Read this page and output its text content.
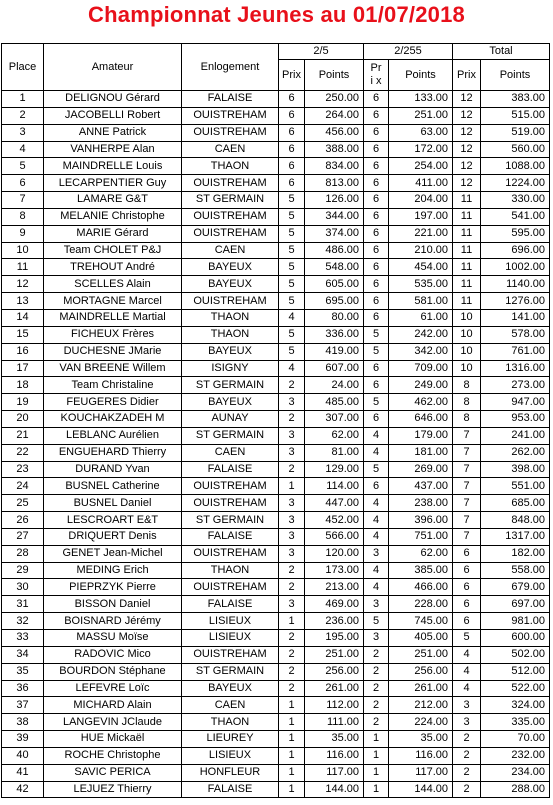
Championnat Jeunes au 01/07/2018
Place	Amateur	Enlogement	2/5		2/255		Total	
			Prix	Points	Pri x	Points	Prix	Points
1	DELIGNOU Gérard	FALAISE	6	250.00	6	133.00	12	383.00
2	JACOBELLI Robert	OUISTREHAM	6	264.00	6	251.00	12	515.00
3	ANNE Patrick	OUISTREHAM	6	456.00	6	63.00	12	519.00
4	VANHERPE Alan	CAEN	6	388.00	6	172.00	12	560.00
5	MAINDRELLE Louis	THAON	6	834.00	6	254.00	12	1088.00
6	LECARPENTIER Guy	OUISTREHAM	6	813.00	6	411.00	12	1224.00
7	LAMARE G&T	ST GERMAIN	5	126.00	6	204.00	11	330.00
8	MELANIE Christophe	OUISTREHAM	5	344.00	6	197.00	11	541.00
9	MARIE Gérard	OUISTREHAM	5	374.00	6	221.00	11	595.00
10	Team CHOLET P&J	CAEN	5	486.00	6	210.00	11	696.00
11	TREHOUT André	BAYEUX	5	548.00	6	454.00	11	1002.00
12	SCELLES Alain	BAYEUX	5	605.00	6	535.00	11	1140.00
13	MORTAGNE Marcel	OUISTREHAM	5	695.00	6	581.00	11	1276.00
14	MAINDRELLE Martial	THAON	4	80.00	6	61.00	10	141.00
15	FICHEUX Frères	THAON	5	336.00	5	242.00	10	578.00
16	DUCHESNE JMarie	BAYEUX	5	419.00	5	342.00	10	761.00
17	VAN BREENE Willem	ISIGNY	4	607.00	6	709.00	10	1316.00
18	Team Christaline	ST GERMAIN	2	24.00	6	249.00	8	273.00
19	FEUGERES Didier	BAYEUX	3	485.00	5	462.00	8	947.00
20	KOUCHAKZADEH M	AUNAY	2	307.00	6	646.00	8	953.00
21	LEBLANC Aurélien	ST GERMAIN	3	62.00	4	179.00	7	241.00
22	ENGUEHARD Thierry	CAEN	3	81.00	4	181.00	7	262.00
23	DURAND Yvan	FALAISE	2	129.00	5	269.00	7	398.00
24	BUSNEL Catherine	OUISTREHAM	1	114.00	6	437.00	7	551.00
25	BUSNEL Daniel	OUISTREHAM	3	447.00	4	238.00	7	685.00
26	LESCROART E&T	ST GERMAIN	3	452.00	4	396.00	7	848.00
27	DRIQUERT Denis	FALAISE	3	566.00	4	751.00	7	1317.00
28	GENET Jean-Michel	OUISTREHAM	3	120.00	3	62.00	6	182.00
29	MEDING Erich	THAON	2	173.00	4	385.00	6	558.00
30	PIEPRZYK Pierre	OUISTREHAM	2	213.00	4	466.00	6	679.00
31	BISSON Daniel	FALAISE	3	469.00	3	228.00	6	697.00
32	BOISNARD Jérémy	LISIEUX	1	236.00	5	745.00	6	981.00
33	MASSU Moïse	LISIEUX	2	195.00	3	405.00	5	600.00
34	RADOVIC Mico	OUISTREHAM	2	251.00	2	251.00	4	502.00
35	BOURDON Stéphane	ST GERMAIN	2	256.00	2	256.00	4	512.00
36	LEFEVRE Loïc	BAYEUX	2	261.00	2	261.00	4	522.00
37	MICHARD Alain	CAEN	1	112.00	2	212.00	3	324.00
38	LANGEVIN JClaude	THAON	1	111.00	2	224.00	3	335.00
39	HUE Mickaël	LIEUREY	1	35.00	1	35.00	2	70.00
40	ROCHE Christophe	LISIEUX	1	116.00	1	116.00	2	232.00
41	SAVIC PERICA	HONFLEUR	1	117.00	1	117.00	2	234.00
42	LEJUEZ Thierry	FALAISE	1	144.00	1	144.00	2	288.00
